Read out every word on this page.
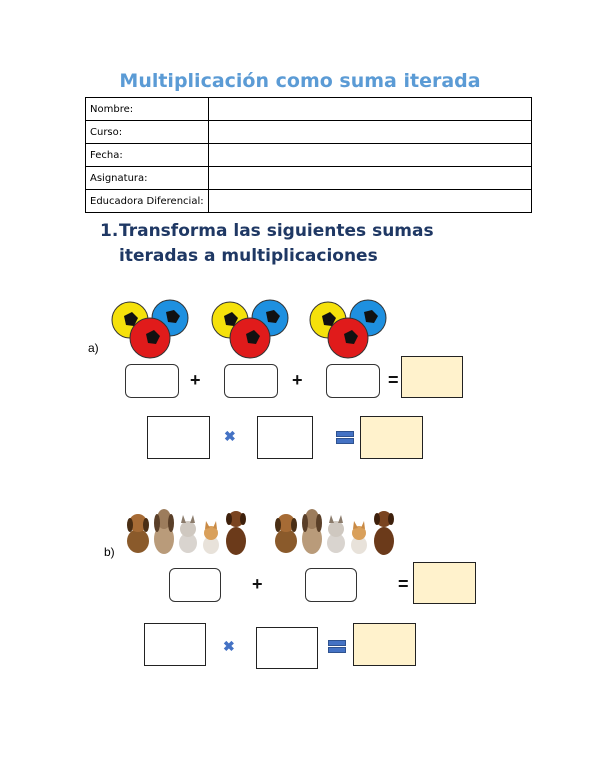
Multiplicación como suma iterada
Nombre:	
Curso:	
Fecha:	
Asignatura:	
Educadora Diferencial:	
1. Transforma las siguientes sumas iteradas a multiplicaciones
a)
+	+	=
✖
b)
+	=
✖
